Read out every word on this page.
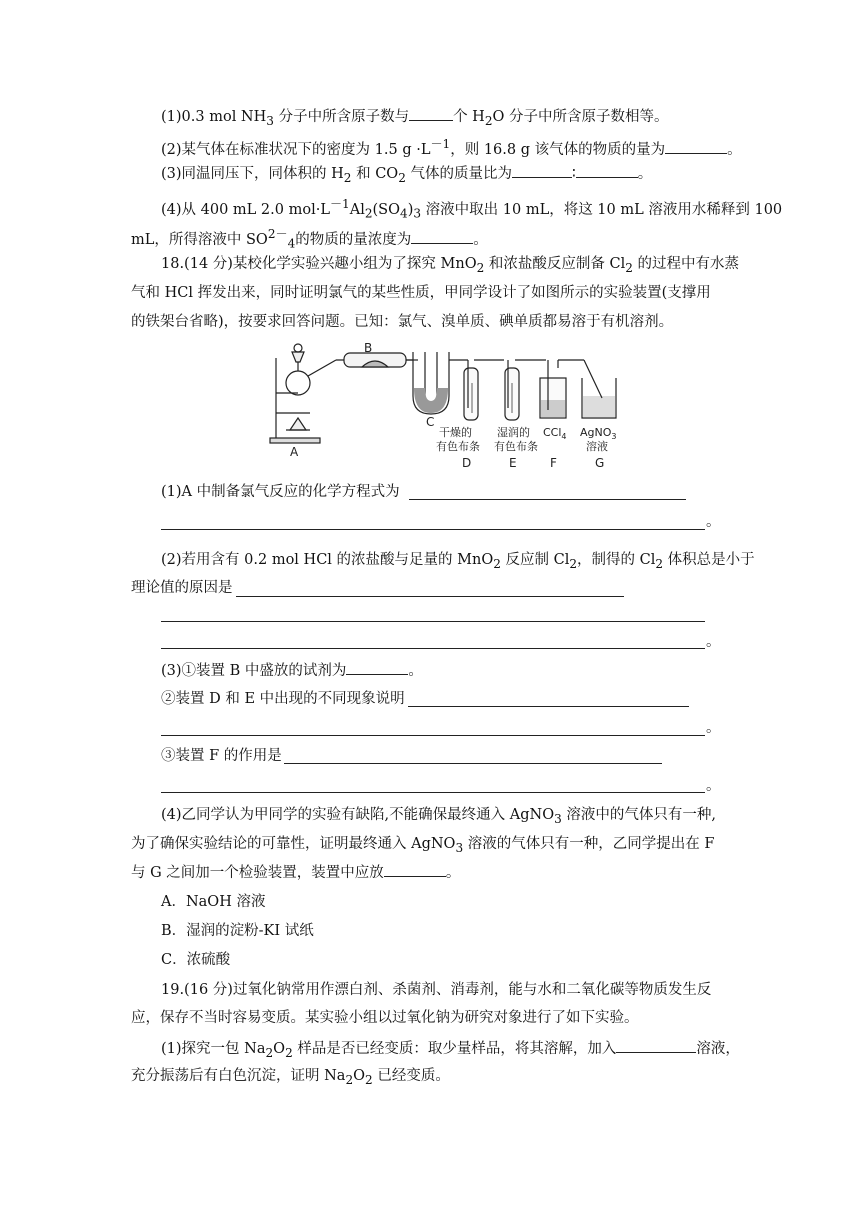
(1)0.3 mol $NH_3$ 分子中所含原子数与	个 $H_2O$ 分子中所含原子数相等。
(2)某气体在标准状况下的密度为 1.5 $g \cdot L^{-1}$，则 16.8 g 该气体的物质的量为	。
(3)同温同压下，同体积的 $H_2$ 和 $CO_2$ 气体的质量比为	∶	。
(4)从 400 mL 2.0 $mol\cdot L^{-1}Al_2(SO_4)_3$ 溶液中取出 10 mL，将这 10 mL 溶液用水稀释到 100
mL，所得溶液中 $SO^{2-}_4$的物质的量浓度为	。
18.(14 分)某校化学实验兴趣小组为了探究 MnO$_2$ 和浓盐酸反应制备 $Cl_2$ 的过程中有水蒸
气和 HCl 挥发出来，同时证明氯气的某些性质，甲同学设计了如图所示的实验装置(支撑用
的铁架台省略)，按要求回答问题。已知：氯气、溴单质、碘单质都易溶于有机溶剂。
A
B
C
干燥的
有色布条
D
湿润的
有色布条
E
CCl$_4$
F
AgNO$_3$
溶液
G
(1)A 中制备氯气反应的化学方程式为
。
(2)若用含有 0.2 mol HCl 的浓盐酸与足量的 MnO$_2$ 反应制 $Cl_2$，制得的 $Cl_2$ 体积总是小于
理论值的原因是
。
(3)①装置 B 中盛放的试剂为	。
②装置 D 和 E 中出现的不同现象说明
。
③装置 F 的作用是
。
(4)乙同学认为甲同学的实验有缺陷,不能确保最终通入 AgNO$_3$ 溶液中的气体只有一种,
为了确保实验结论的可靠性，证明最终通入 AgNO$_3$ 溶液的气体只有一种，乙同学提出在 F
与 G 之间加一个检验装置，装置中应放	。
A．NaOH 溶液
B．湿润的淀粉-KI 试纸
C．浓硫酸
19.(16 分)过氧化钠常用作漂白剂、杀菌剂、消毒剂，能与水和二氧化碳等物质发生反
应，保存不当时容易变质。某实验小组以过氧化钠为研究对象进行了如下实验。
(1)探究一包 $Na_2O_2$ 样品是否已经变质：取少量样品，将其溶解，加入	溶液，
充分振荡后有白色沉淀，证明 $Na_2O_2$ 已经变质。
